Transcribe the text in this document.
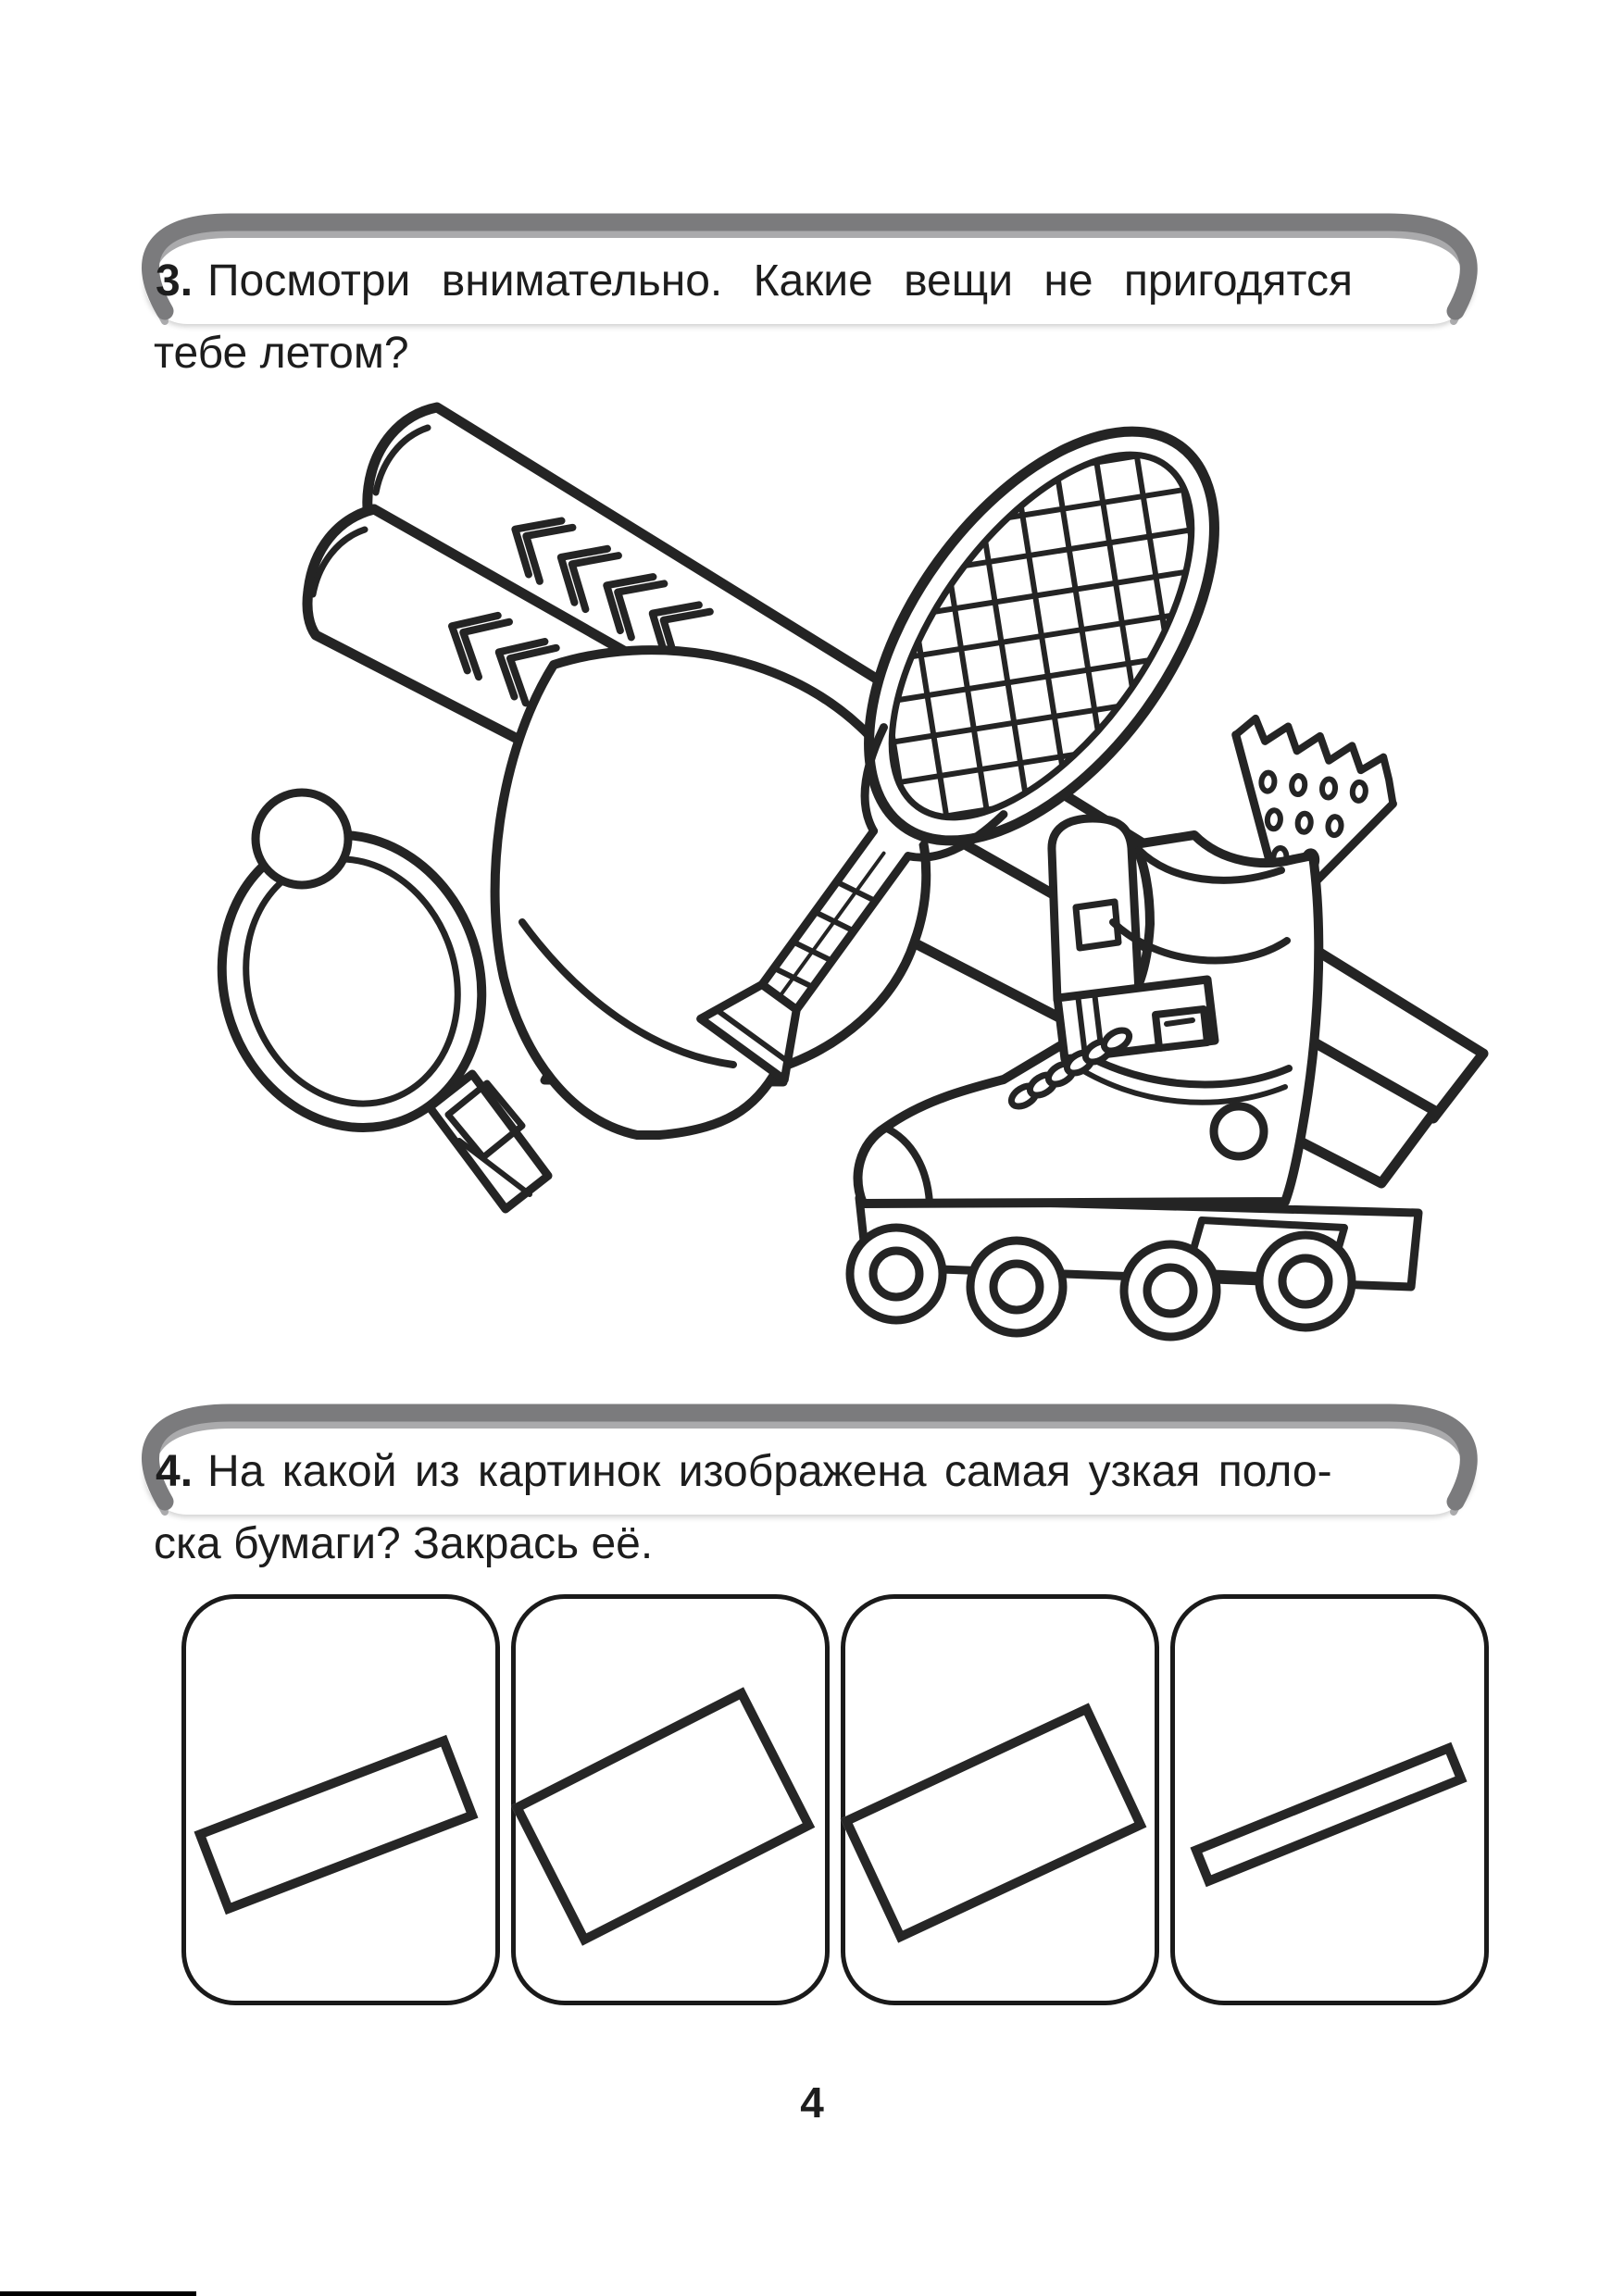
3. Посмотри внимательно. Какие вещи не пригодятся
тебе летом?
4. На какой из картинок изображена самая узкая поло-
ска бумаги? Закрась её.
4
